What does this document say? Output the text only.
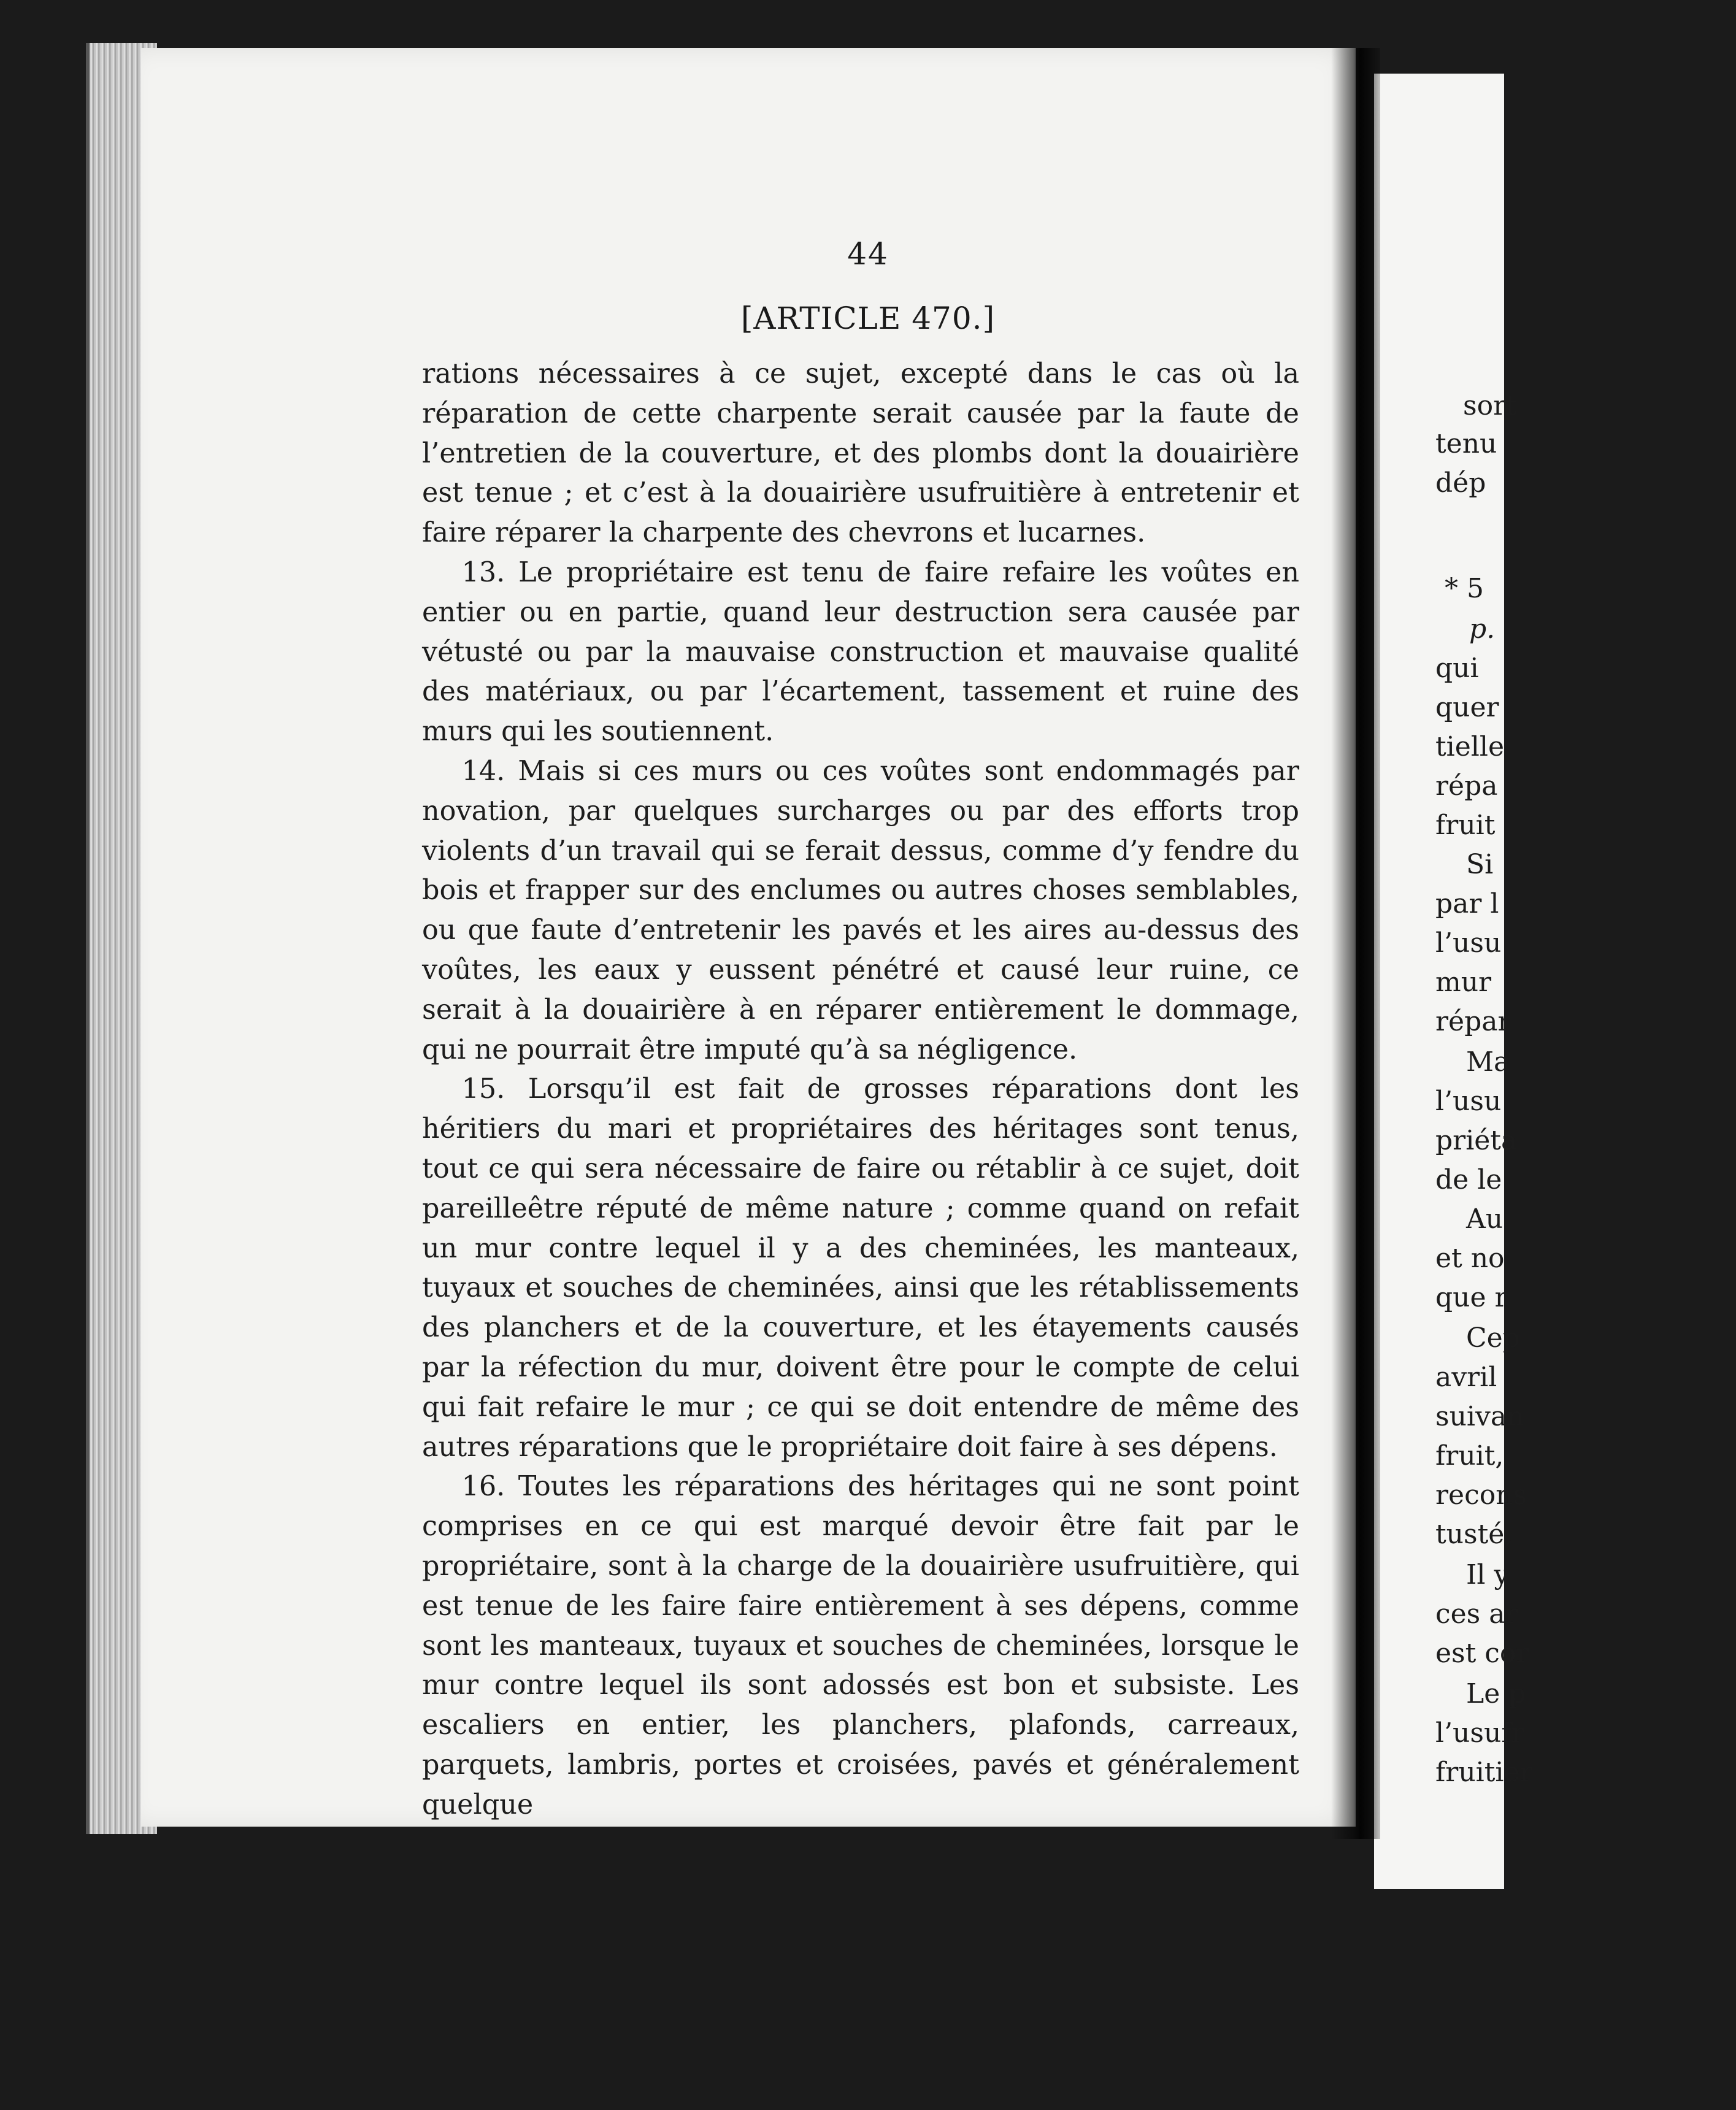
sort
tenu
dép
* 5
p.
qui
quer
tielle
répa
fruit
Si
par l
l’usu
mur
répar
Ma
l’usu
priéta
de le
Au
et no
que r
Cep
avril
suivan
fruit,
recons
tusté,
Il y
ces ar
est cor
Le p
l’usufr
fruitier
44
[ARTICLE 470.]

rations nécessaires à ce sujet, excepté dans le cas où la réparation de cette charpente serait causée par la faute de l’entretien de la couverture, et des plombs dont la douairière est tenue ; et c’est à la douairière usufruitière à entretenir et faire réparer la charpente des chevrons et lucarnes.

13. Le propriétaire est tenu de faire refaire les voûtes en entier ou en partie, quand leur destruction sera causée par vétusté ou par la mauvaise construction et mauvaise qualité des matériaux, ou par l’écartement, tassement et ruine des murs qui les soutiennent.

14. Mais si ces murs ou ces voûtes sont endommagés par novation, par quelques surcharges ou par des efforts trop violents d’un travail qui se ferait dessus, comme d’y fendre du bois et frapper sur des enclumes ou autres choses semblables, ou que faute d’entretenir les pavés et les aires au-dessus des voûtes, les eaux y eussent pénétré et causé leur ruine, ce serait à la douairière à en réparer entièrement le dommage, qui ne pourrait être imputé qu’à sa négligence.

15. Lorsqu’il est fait de grosses réparations dont les héritiers du mari et propriétaires des héritages sont tenus, tout ce qui sera nécessaire de faire ou rétablir à ce sujet, doit pareilleêtre réputé de même nature ; comme quand on refait un mur contre lequel il y a des cheminées, les manteaux, tuyaux et souches de cheminées, ainsi que les rétablissements des planchers et de la couverture, et les étayements causés par la réfection du mur, doivent être pour le compte de celui qui fait refaire le mur ; ce qui se doit entendre de même des autres réparations que le propriétaire doit faire à ses dépens.

16. Toutes les réparations des héritages qui ne sont point comprises en ce qui est marqué devoir être fait par le propriétaire, sont à la charge de la douairière usufruitière, qui est tenue de les faire faire entièrement à ses dépens, comme sont les manteaux, tuyaux et souches de cheminées, lorsque le mur contre lequel ils sont adossés est bon et subsiste. Les escaliers en entier, les planchers, plafonds, carreaux, parquets, lambris, portes et croisées, pavés et généralement quelque
